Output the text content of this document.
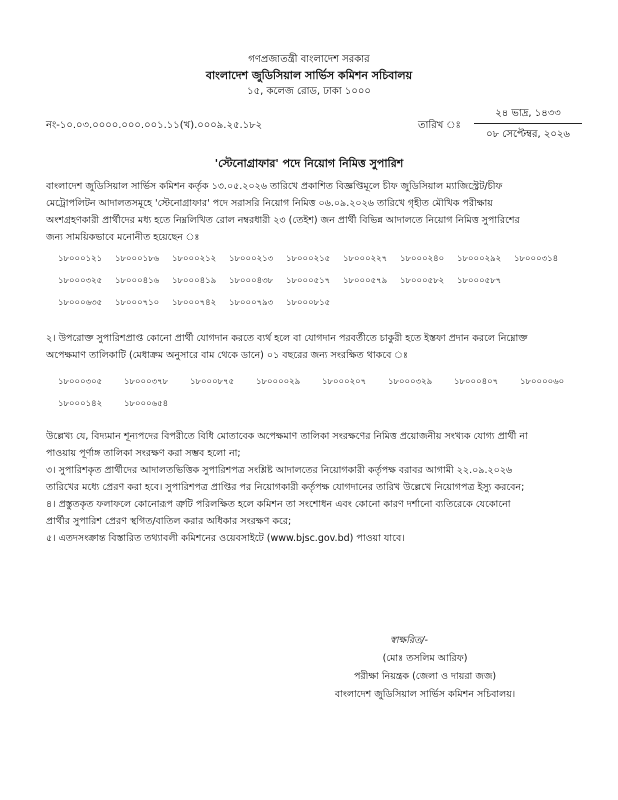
গণপ্রজাতন্ত্রী বাংলাদেশ সরকার
বাংলাদেশ জুডিসিয়াল সার্ভিস কমিশন সচিবালয়
১৫, কলেজ রোড, ঢাকা ১০০০
নং-১০.০৩.০০০০.০০০.০০১.১১(খ).০০০৯.২৫.১৮২	তারিখ ঃ
২৪ ভাদ্র, ১৪৩৩
০৮ সেপ্টেম্বর, ২০২৬
'স্টেনোগ্রাফার' পদে নিয়োগ নিমিত্ত সুপারিশ
বাংলাদেশ জুডিসিয়াল সার্ভিস কমিশন কর্তৃক ১৩.০৫.২০২৬ তারিখে প্রকাশিত বিজ্ঞপ্তিমূলে চীফ জুডিসিয়াল ম্যাজিস্ট্রেট/চীফ
মেট্রোপলিটন আদালতসমূহে 'স্টেনোগ্রাফার' পদে সরাসরি নিয়োগ নিমিত্ত ০৬.০৯.২০২৬ তারিখে গৃহীত মৌখিক পরীক্ষায়
অংশগ্রহণকারী প্রার্থীদের মধ্য হতে নিম্নলিখিত রোল নম্বরধারী ২৩ (তেইশ) জন প্রার্থী বিভিন্ন আদালতে নিয়োগ নিমিত্ত সুপারিশের
জন্য সাময়িকভাবে মনোনীত হয়েছেন ঃ
১৮০০০১২১	১৮০০০১৮৬	১৮০০০২১২	১৮০০০২১৩	১৮০০০২১৫	১৮০০০২২৭	১৮০০০২৪০	১৮০০০২৯২	১৮০০০৩১৪
১৮০০০৩২৫	১৮০০০৪১৬	১৮০০০৪১৯	১৮০০০৪৩৮	১৮০০০৫১৭	১৮০০০৫৭৯	১৮০০০৫৮২	১৮০০০৫৮৭
১৮০০০৬৩৫	১৮০০০৭১০	১৮০০০৭৪২	১৮০০০৭৯৩	১৮০০০৮১৫
২। উপরোক্ত সুপারিশপ্রাপ্ত কোনো প্রার্থী যোগদান করতে ব্যর্থ হলে বা যোগদান পরবর্তীতে চাকুরী হতে ইস্তফা প্রদান করলে নিম্নোক্ত
অপেক্ষমাণ তালিকাটি (মেধাক্রম অনুসারে বাম থেকে ডানে) ০১ বছরের জন্য সংরক্ষিত থাকবে ঃ
১৮০০০৩০৫	১৮০০০৩৭৮	১৮০০০৮৭৫	১৮০০০০২৯	১৮০০০২০৭	১৮০০০৩২৯	১৮০০০৪০৭	১৮০০০০৬০
১৮০০০১৪২	১৮০০০৬৫৪
উল্লেখ্য যে, বিদ্যমান শূন্যপদের বিপরীতে বিধি মোতাবেক অপেক্ষমাণ তালিকা সংরক্ষণের নিমিত্ত প্রয়োজনীয় সংখ্যক যোগ্য প্রার্থী না
পাওয়ায় পূর্ণাঙ্গ তালিকা সংরক্ষণ করা সম্ভব হলো না;
৩। সুপারিশকৃত প্রার্থীদের আদালতভিত্তিক সুপারিশপত্র সংশ্লিষ্ট আদালতের নিয়োগকারী কর্তৃপক্ষ বরাবর আগামী ২২.০৯.২০২৬
তারিখের মধ্যে প্রেরণ করা হবে। সুপারিশপত্র প্রাপ্তির পর নিয়োগকারী কর্তৃপক্ষ যোগদানের তারিখ উল্লেখে নিয়োগপত্র ইস্যু করবেন;
৪। প্রস্তুতকৃত ফলাফলে কোনোরূপ ত্রুটি পরিলক্ষিত হলে কমিশন তা সংশোধন এবং কোনো কারণ দর্শানো ব্যতিরেকে যেকোনো
প্রার্থীর সুপারিশ প্রেরণ স্থগিত/বাতিল করার অধিকার সংরক্ষণ করে;
৫। এতদসংক্রান্ত বিস্তারিত তথ্যাবলী কমিশনের ওয়েবসাইটে (www.bjsc.gov.bd) পাওয়া যাবে।
স্বাক্ষরিত/-
(মোঃ তসলিম আরিফ)
পরীক্ষা নিয়ন্ত্রক (জেলা ও দায়রা জজ)
বাংলাদেশ জুডিসিয়াল সার্ভিস কমিশন সচিবালয়।
